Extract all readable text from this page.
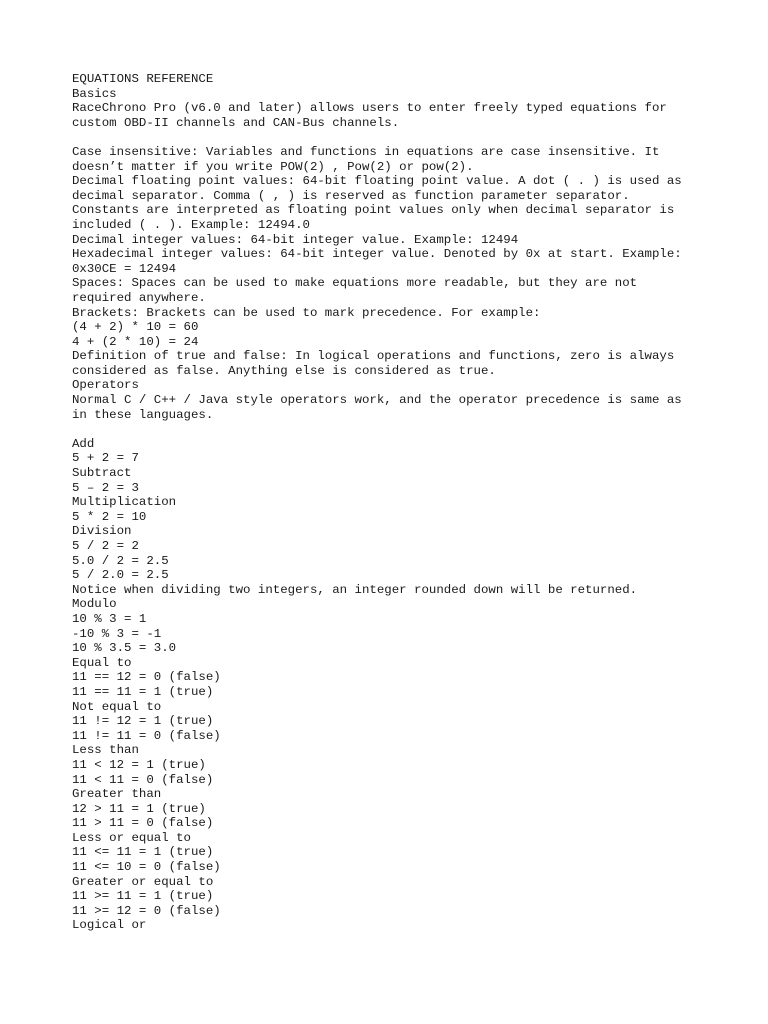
EQUATIONS REFERENCE
Basics
RaceChrono Pro (v6.0 and later) allows users to enter freely typed equations for
custom OBD-II channels and CAN-Bus channels.
Case insensitive: Variables and functions in equations are case insensitive. It
doesn’t matter if you write POW(2) , Pow(2) or pow(2).
Decimal floating point values: 64-bit floating point value. A dot ( . ) is used as
decimal separator. Comma ( , ) is reserved as function parameter separator.
Constants are interpreted as floating point values only when decimal separator is
included ( . ). Example: 12494.0
Decimal integer values: 64-bit integer value. Example: 12494
Hexadecimal integer values: 64-bit integer value. Denoted by 0x at start. Example:
0x30CE = 12494
Spaces: Spaces can be used to make equations more readable, but they are not
required anywhere.
Brackets: Brackets can be used to mark precedence. For example:
(4 + 2) * 10 = 60
4 + (2 * 10) = 24
Definition of true and false: In logical operations and functions, zero is always
considered as false. Anything else is considered as true.
Operators
Normal C / C++ / Java style operators work, and the operator precedence is same as
in these languages.
Add
5 + 2 = 7
Subtract
5 – 2 = 3
Multiplication
5 * 2 = 10
Division
5 / 2 = 2
5.0 / 2 = 2.5
5 / 2.0 = 2.5
Notice when dividing two integers, an integer rounded down will be returned.
Modulo
10 % 3 = 1
-10 % 3 = -1
10 % 3.5 = 3.0
Equal to
11 == 12 = 0 (false)
11 == 11 = 1 (true)
Not equal to
11 != 12 = 1 (true)
11 != 11 = 0 (false)
Less than
11 < 12 = 1 (true)
11 < 11 = 0 (false)
Greater than
12 > 11 = 1 (true)
11 > 11 = 0 (false)
Less or equal to
11 <= 11 = 1 (true)
11 <= 10 = 0 (false)
Greater or equal to
11 >= 11 = 1 (true)
11 >= 12 = 0 (false)
Logical or
